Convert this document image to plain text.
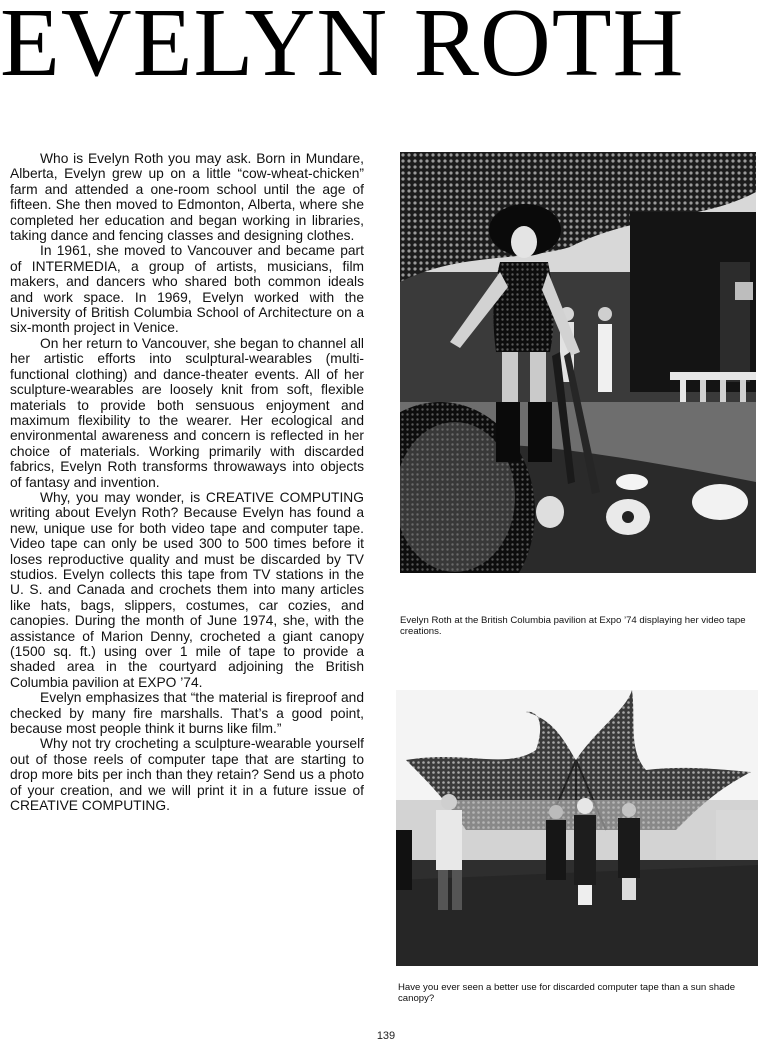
EVELYN ROTH

Who is Evelyn Roth you may ask. Born in Mundare, Alberta, Evelyn grew up on a little “cow-wheat-chicken” farm and attended a one-room school until the age of fifteen. She then moved to Edmonton, Alberta, where she completed her education and began working in libraries, taking dance and fencing classes and designing clothes.

In 1961, she moved to Vancouver and became part of INTERMEDIA, a group of artists, musicians, film makers, and dancers who shared both common ideals and work space. In 1969, Evelyn worked with the University of British Columbia School of Architecture on a six-month project in Venice.

On her return to Vancouver, she began to channel all her artistic efforts into sculptural-wearables (multi-functional clothing) and dance-theater events. All of her sculpture-wearables are loosely knit from soft, flexible materials to provide both sensuous enjoyment and maximum flexibility to the wearer. Her ecological and environmental awareness and concern is reflected in her choice of materials. Working primarily with discarded fabrics, Evelyn Roth transforms throwaways into objects of fantasy and invention.

Why, you may wonder, is CREATIVE COMPUTING writing about Evelyn Roth? Because Evelyn has found a new, unique use for both video tape and computer tape. Video tape can only be used 300 to 500 times before it loses reproductive quality and must be discarded by TV studios. Evelyn collects this tape from TV stations in the U. S. and Canada and crochets them into many articles like hats, bags, slippers, costumes, car cozies, and canopies. During the month of June 1974, she, with the assistance of Marion Denny, crocheted a giant canopy (1500 sq. ft.) using over 1 mile of tape to provide a shaded area in the courtyard adjoining the British Columbia pavilion at EXPO ’74.

Evelyn emphasizes that “the material is fireproof and checked by many fire marshalls. That’s a good point, because most people think it burns like film.”

Why not try crocheting a sculpture-wearable yourself out of those reels of computer tape that are starting to drop more bits per inch than they retain? Send us a photo of your creation, and we will print it in a future issue of CREATIVE COMPUTING.

Evelyn Roth at the British Columbia pavilion at Expo ’74 displaying her video tape creations.
Have you ever seen a better use for discarded computer tape than a sun shade canopy?
139
